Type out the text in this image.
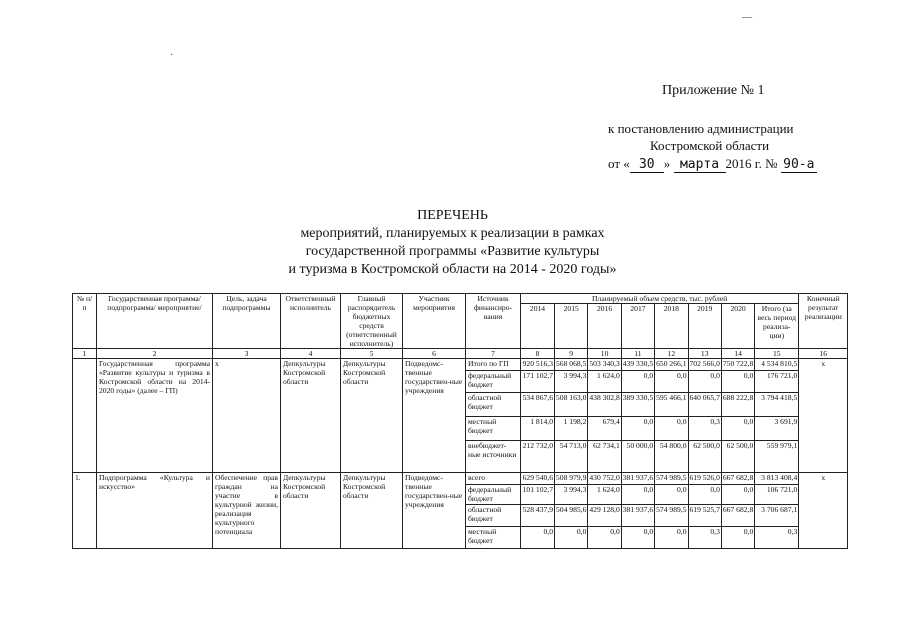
—
·
Приложение № 1
к постановлению администрации
Костромской области
от « 30 » марта 2016 г. № 90-а
ПЕРЕЧЕНЬ
мероприятий, планируемых к реализации в рамках
государственной программы «Развитие культуры
и туризма в Костромской области на 2014 - 2020 годы»
№ п/п	Государственная программа/подпрограмма/ мероприятие/	Цель, задача подпрограммы	Ответственный исполнитель	Главный распорядитель бюджетных средств (ответственный исполнитель)	Участник мероприятия	Источник финансиро-вания	Планируемый объем средств, тыс. рублей								Конечный результат реализации
							2014	2015	2016	2017	2018	2019	2020	Итого (за весь период реализа-ции)	
1	2	3	4	5	6	7	8	9	10	11	12	13	14	15	16
	Государственная программа «Развитие культуры и туризма в Костромской области на 2014-2020 годы» (далее – ГП)	х	Депкультуры Костромской области	Депкультуры Костромской области	Подведомс-твенные государствен-ные учреждения	Итого по ГП	920 516,3	568 068,5	503 340,3	439 330,5	650 266,1	702 566,0	750 722,8	4 534 810,5	х
						федеральный бюджет	171 102,7	3 994,3	1 624,0	0,0	0,0	0,0	0,0	176 721,0	
						областной бюджет	534 867,6	508 163,0	438 302,8	389 330,5	595 466,1	640 065,7	688 222,8	3 794 418,5	
						местный бюджет	1 814,0	1 198,2	679,4	0,0	0,0	0,3	0,0	3 691,9	
						внебюджет-ные источники	212 732,0	54 713,0	62 734,1	50 000,0	54 800,0	62 500,0	62 500,0	559 979,1	
1.	Подпрограмма «Культура и искусство»	Обеспечение прав граждан на участие в культурной жизни, реализация культурного потенциала	Депкультуры Костромской области	Депкультуры Костромской области	Подведомс-твенные государствен-ные учреждения	всего	629 540,6	508 979,9	430 752,0	381 937,6	574 989,5	619 526,0	667 682,8	3 813 408,4	х
						федеральный бюджет	101 102,7	3 994,3	1 624,0	0,0	0,0	0,0	0,0	106 721,0	
						областной бюджет	528 437,9	504 985,6	429 128,0	381 937,6	574 989,5	619 525,7	667 682,8	3 706 687,1	
						местный бюджет	0,0	0,0	0,0	0,0	0,0	0,3	0,0	0,3	
